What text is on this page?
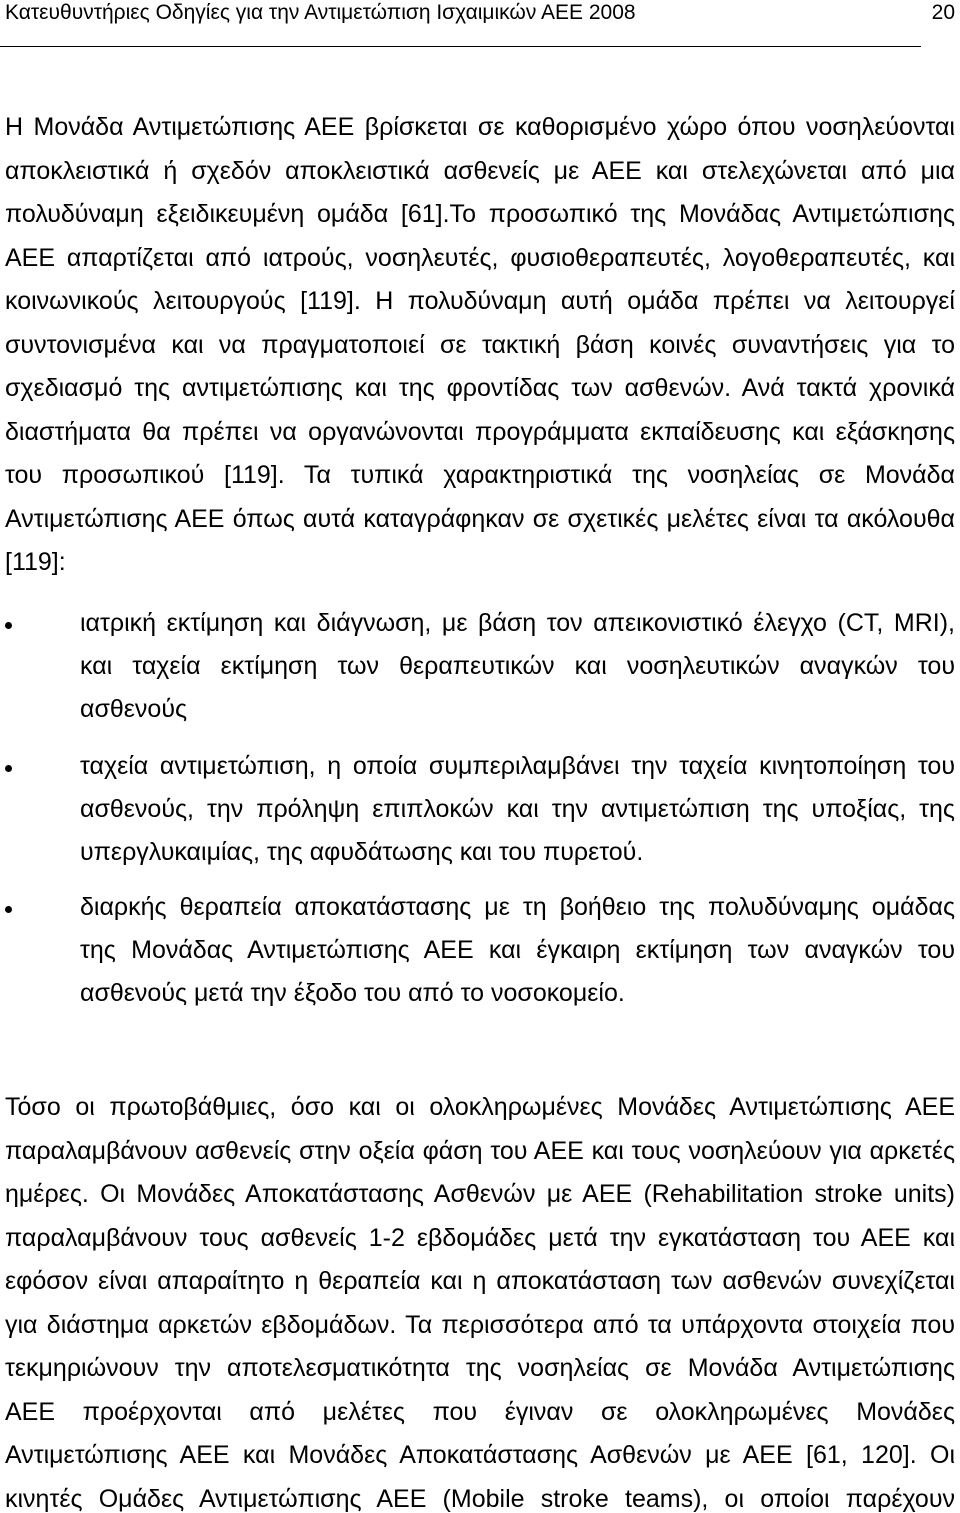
Κατευθυντήριες Οδηγίες για την Αντιμετώπιση Ισχαιμικών ΑΕΕ 2008	20
Η Μονάδα Αντιμετώπισης ΑΕΕ βρίσκεται σε καθορισμένο χώρο όπου νοσηλεύονται
αποκλειστικά ή σχεδόν αποκλειστικά ασθενείς με ΑΕΕ και στελεχώνεται από μια
πολυδύναμη εξειδικευμένη ομάδα [61].Το προσωπικό της Μονάδας Αντιμετώπισης
ΑΕΕ απαρτίζεται από ιατρούς, νοσηλευτές, φυσιοθεραπευτές, λογοθεραπευτές, και
κοινωνικούς λειτουργούς [119]. Η πολυδύναμη αυτή ομάδα πρέπει να λειτουργεί
συντονισμένα και να πραγματοποιεί σε τακτική βάση κοινές συναντήσεις για το
σχεδιασμό της αντιμετώπισης και της φροντίδας των ασθενών. Ανά τακτά χρονικά
διαστήματα θα πρέπει να οργανώνονται προγράμματα εκπαίδευσης και εξάσκησης
του προσωπικού [119]. Τα τυπικά χαρακτηριστικά της νοσηλείας σε Μονάδα
Αντιμετώπισης ΑΕΕ όπως αυτά καταγράφηκαν σε σχετικές μελέτες είναι τα ακόλουθα
[119]:
ιατρική εκτίμηση και διάγνωση, με βάση τον απεικονιστικό έλεγχο (CT, MRI),
και ταχεία εκτίμηση των θεραπευτικών και νοσηλευτικών αναγκών του
ασθενούς
ταχεία αντιμετώπιση, η οποία συμπεριλαμβάνει την ταχεία κινητοποίηση του
ασθενούς, την πρόληψη επιπλοκών και την αντιμετώπιση της υποξίας, της
υπεργλυκαιμίας, της αφυδάτωσης και του πυρετού.
διαρκής θεραπεία αποκατάστασης με τη βοήθειο της πολυδύναμης ομάδας
της Μονάδας Αντιμετώπισης ΑΕΕ και έγκαιρη εκτίμηση των αναγκών του
ασθενούς μετά την έξοδο του από το νοσοκομείο.
Τόσο οι πρωτοβάθμιες, όσο και οι ολοκληρωμένες Μονάδες Αντιμετώπισης ΑΕΕ
παραλαμβάνουν ασθενείς στην οξεία φάση του ΑΕΕ και τους νοσηλεύουν για αρκετές
ημέρες. Οι Μονάδες Αποκατάστασης Ασθενών με ΑΕΕ (Rehabilitation stroke units)
παραλαμβάνουν τους ασθενείς 1-2 εβδομάδες μετά την εγκατάσταση του ΑΕΕ και
εφόσον είναι απαραίτητο η θεραπεία και η αποκατάσταση των ασθενών συνεχίζεται
για διάστημα αρκετών εβδομάδων. Τα περισσότερα από τα υπάρχοντα στοιχεία που
τεκμηριώνουν την αποτελεσματικότητα της νοσηλείας σε Μονάδα Αντιμετώπισης
ΑΕΕ προέρχονται από μελέτες που έγιναν σε ολοκληρωμένες Μονάδες
Αντιμετώπισης ΑΕΕ και Μονάδες Αποκατάστασης Ασθενών με ΑΕΕ [61, 120]. Οι
κινητές Ομάδες Αντιμετώπισης ΑΕΕ (Mobile stroke teams), οι οποίοι παρέχουν
